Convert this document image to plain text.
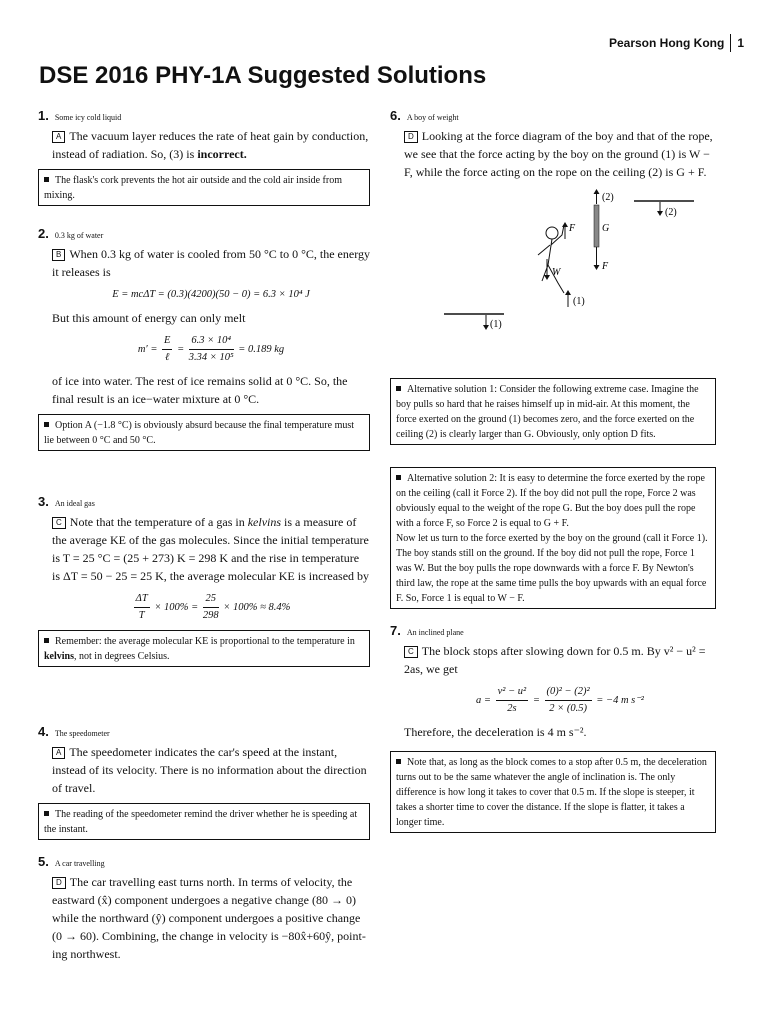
Pearson Hong Kong 1
DSE 2016 PHY-1A Suggested Solutions
1. Some icy cold liquid

A The vacuum layer reduces the rate of heat gain by conduction, instead of radiation. So, (3) is incorrect.

The flask's cork prevents the hot air outside and the cold air inside from mixing.
2. 0.3 kg of water

B When 0.3 kg of water is cooled from 50 °C to 0 °C, the energy it releases is

E = mcΔT = (0.3)(4200)(50 − 0) = 6.3 × 10⁴ J

But this amount of energy can only melt

$m' = \frac{E}{\text{ℓ}} = \frac{\text{6.3 × 10⁴}}{\text{3.34 × 10⁵}} = 0.189$ kg

of ice into water. The rest of ice remains solid at 0 °C. So, the final result is an ice−water mixture at 0 °C.

Option A (−1.8 °C) is obviously absurd because the final temperature must lie between 0 °C and 50 °C.
3. An ideal gas

C Note that the temperature of a gas in kelvins is a measure of the average KE of the gas molecules. Since the initial temperature is T = 25 °C = (25 + 273) K = 298 K and the rise in temperature is ΔT = 50 − 25 = 25 K, the average molecular KE is increased by

$\frac{\Delta T}{T} \times 100\% = \frac{25}{298} \times 100\% \approx 8.4\%$
Remember: the average molecular KE is proportional to the temperature in kelvins, not in degrees Celsius.
4. The speedometer

A The speedometer indicates the car's speed at the instant, instead of its velocity. There is no information about the direction of travel.

The reading of the speedometer remind the driver whether he is speeding at the instant.
5. A car travelling

D The car travelling east turns north. In terms of velocity, the eastward (x̂) component undergoes a negative change (80 → 0) while the northward (ŷ) component undergoes a positive change (0 → 60). Combining, the change in velocity is −80x̂+60ŷ, pointing northwest.

6. A boy of weight

D Looking at the force diagram of the boy and that of the rope, we see that the force acting by the boy on the ground (1) is W − F, while the force acting on the rope on the ceiling (2) is G + F.

(1)
(2)
G
F
F
W
(1)
(2)
Alternative solution 1: Consider the following extreme case. Imagine the boy pulls so hard that he raises himself up in mid-air. At this moment, the force exerted on the ground (1) becomes zero, and the force exerted on the ceiling (2) is clearly larger than G. Obviously, only option D fits.
Alternative solution 2: It is easy to determine the force exerted by the rope on the ceiling (call it Force 2). If the boy did not pull the rope, Force 2 was obviously equal to the weight of the rope G. But the boy does pull the rope with a force F, so Force 2 is equal to G + F.
Now let us turn to the force exerted by the boy on the ground (call it Force 1). The boy stands still on the ground. If the boy did not pull the rope, Force 1 was W. But the boy pulls the rope downwards with a force F. By Newton's third law, the rope at the same time pulls the boy upwards with an equal force F. So, Force 1 is equal to W − F.
7. An inclined plane

C The block stops after slowing down for 0.5 m. By v² − u² = 2as, we get

$a = \frac{\text{v² − u²}}{2s} = \frac{\text{(0)² − (2)²}}{2 \times (0.5)} = -4$ m s⁻²

Therefore, the deceleration is 4 m s⁻².

Note that, as long as the block comes to a stop after 0.5 m, the deceleration turns out to be the same whatever the angle of inclination is. The only difference is how long it takes to cover that 0.5 m. If the slope is steeper, it takes a shorter time to cover the distance. If the slope is flatter, it takes a longer time.
